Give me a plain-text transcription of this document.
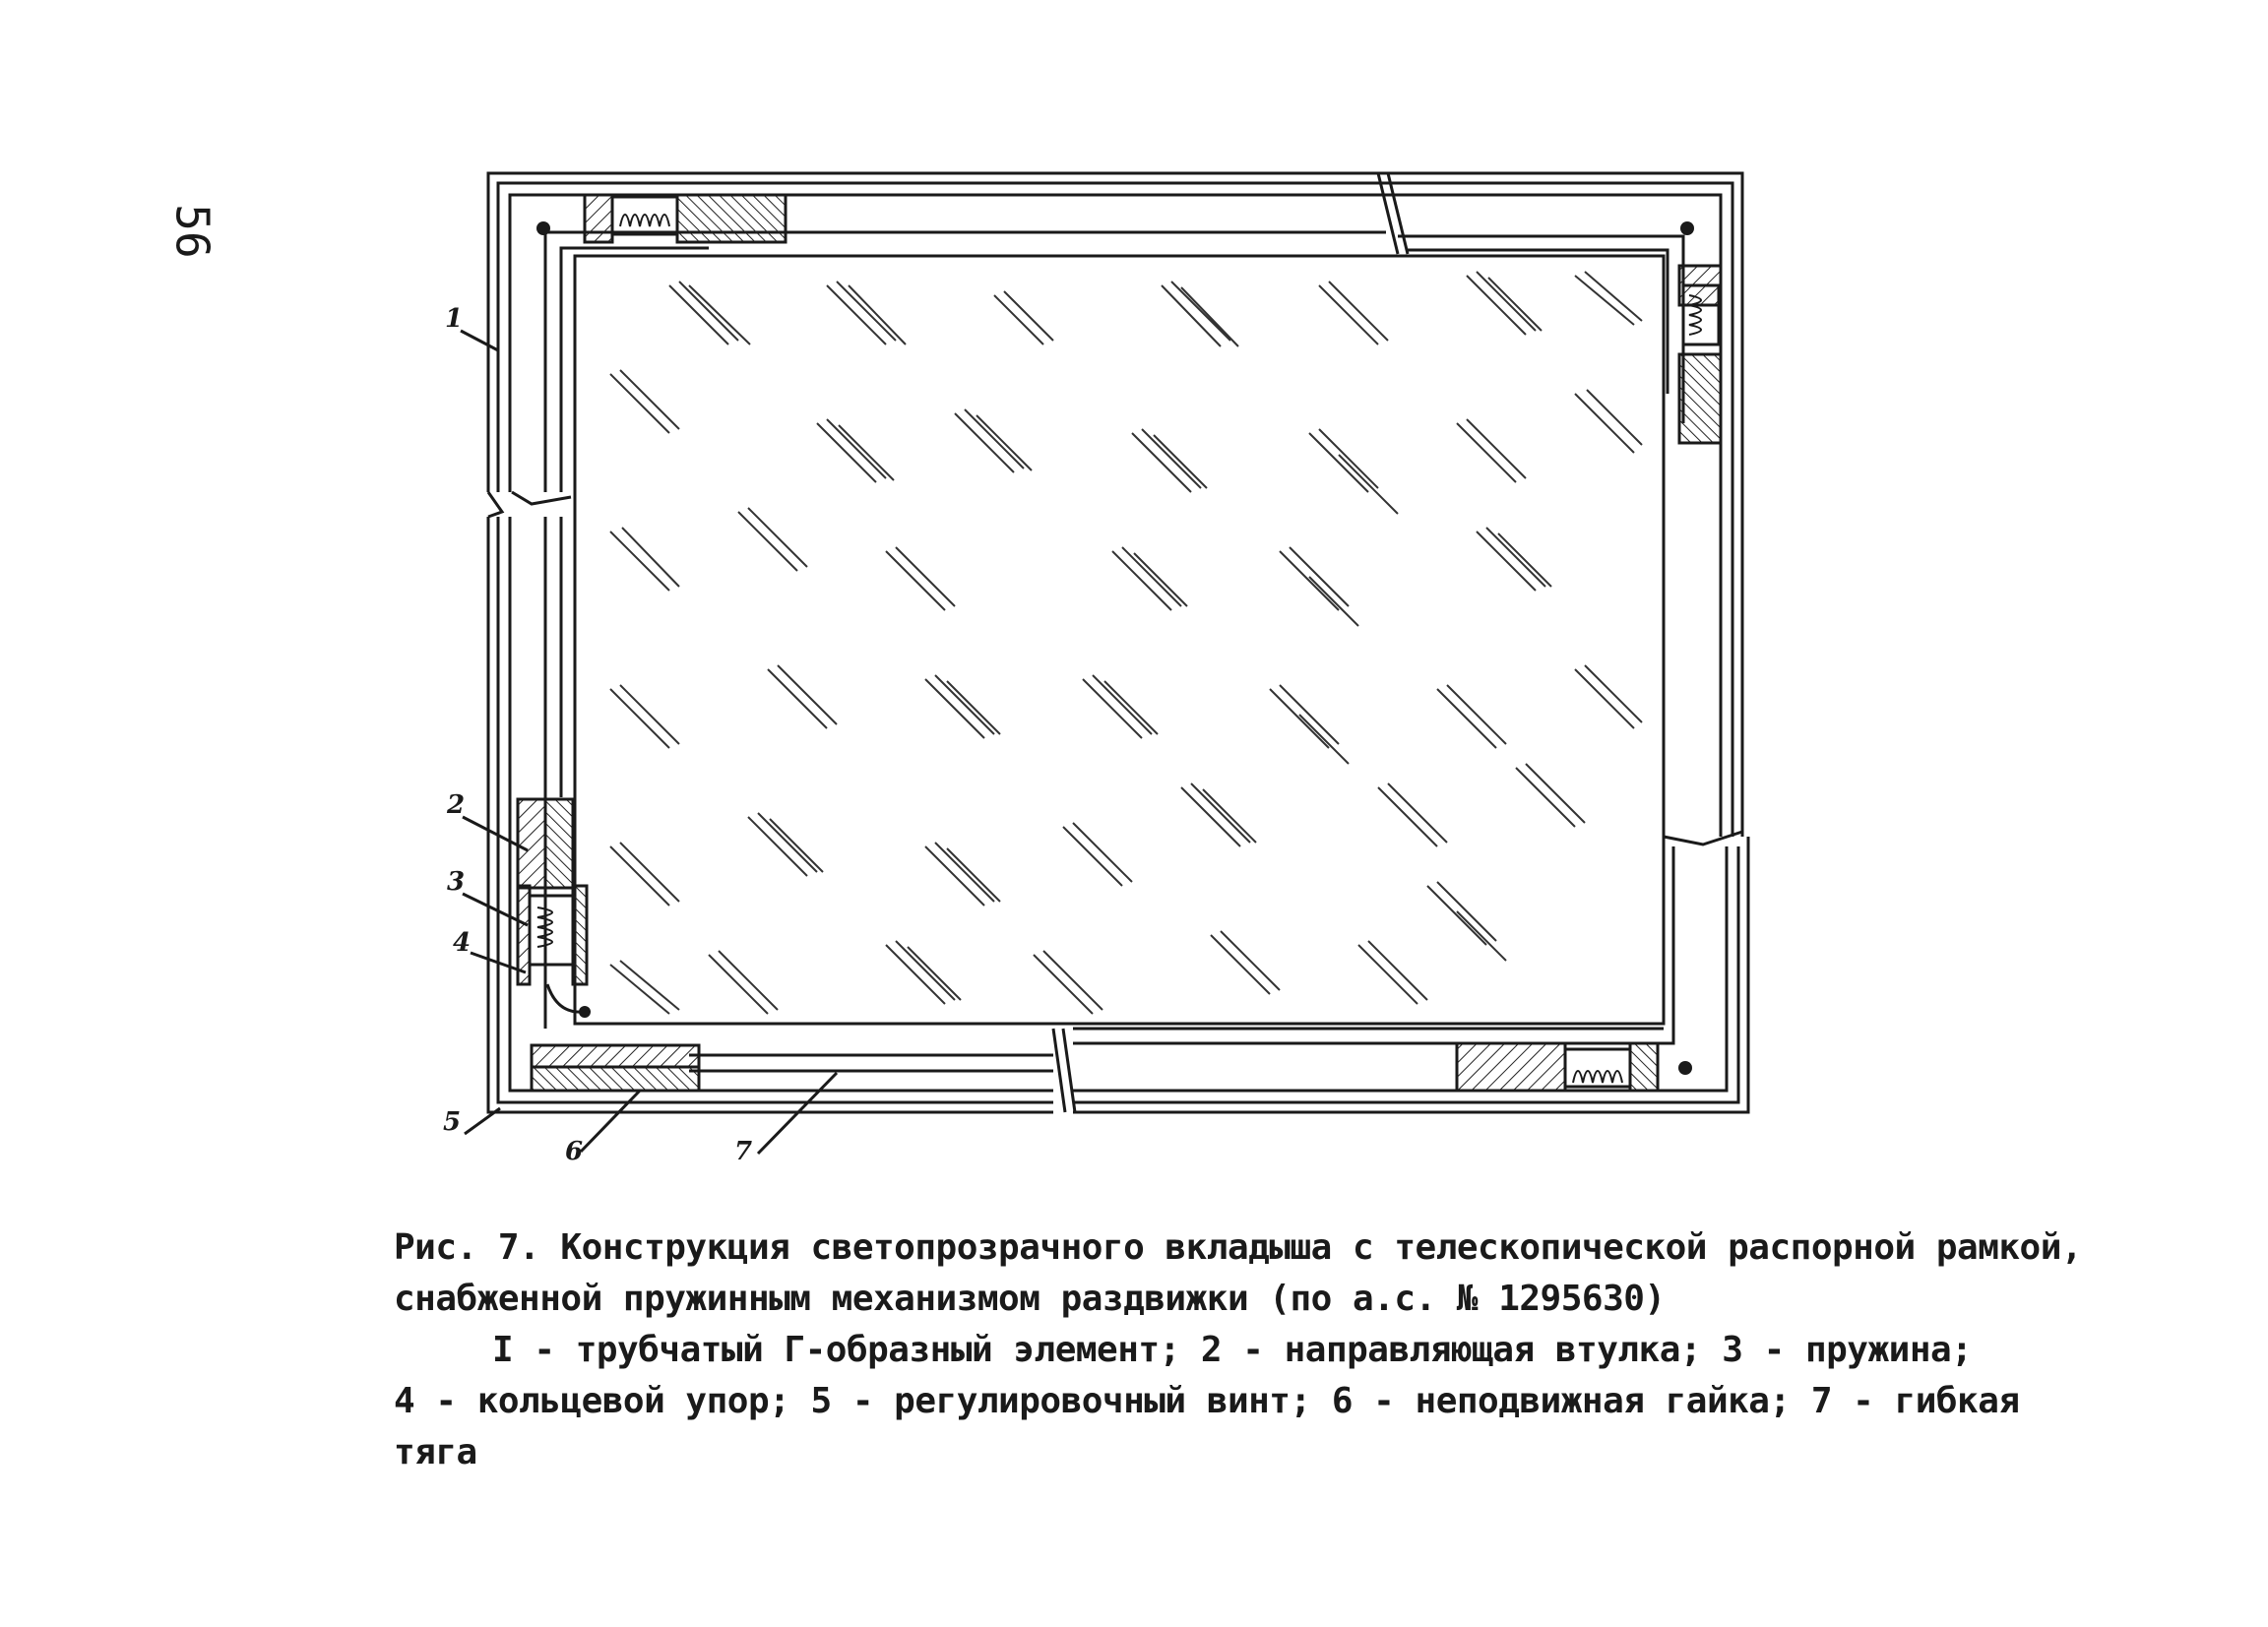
56
1
2
3
4
5
6	7
Рис. 7. Конструкция светопрозрачного вкладыша с телескопической распорной рамкой,
снабженной пружинным механизмом раздвижки (по а.с. № 1295630)
I - трубчатый Г-образный элемент; 2 - направляющая втулка; 3 - пружина;
4 - кольцевой упор; 5 - регулировочный винт; 6 - неподвижная гайка; 7 - гибкая
тяга
